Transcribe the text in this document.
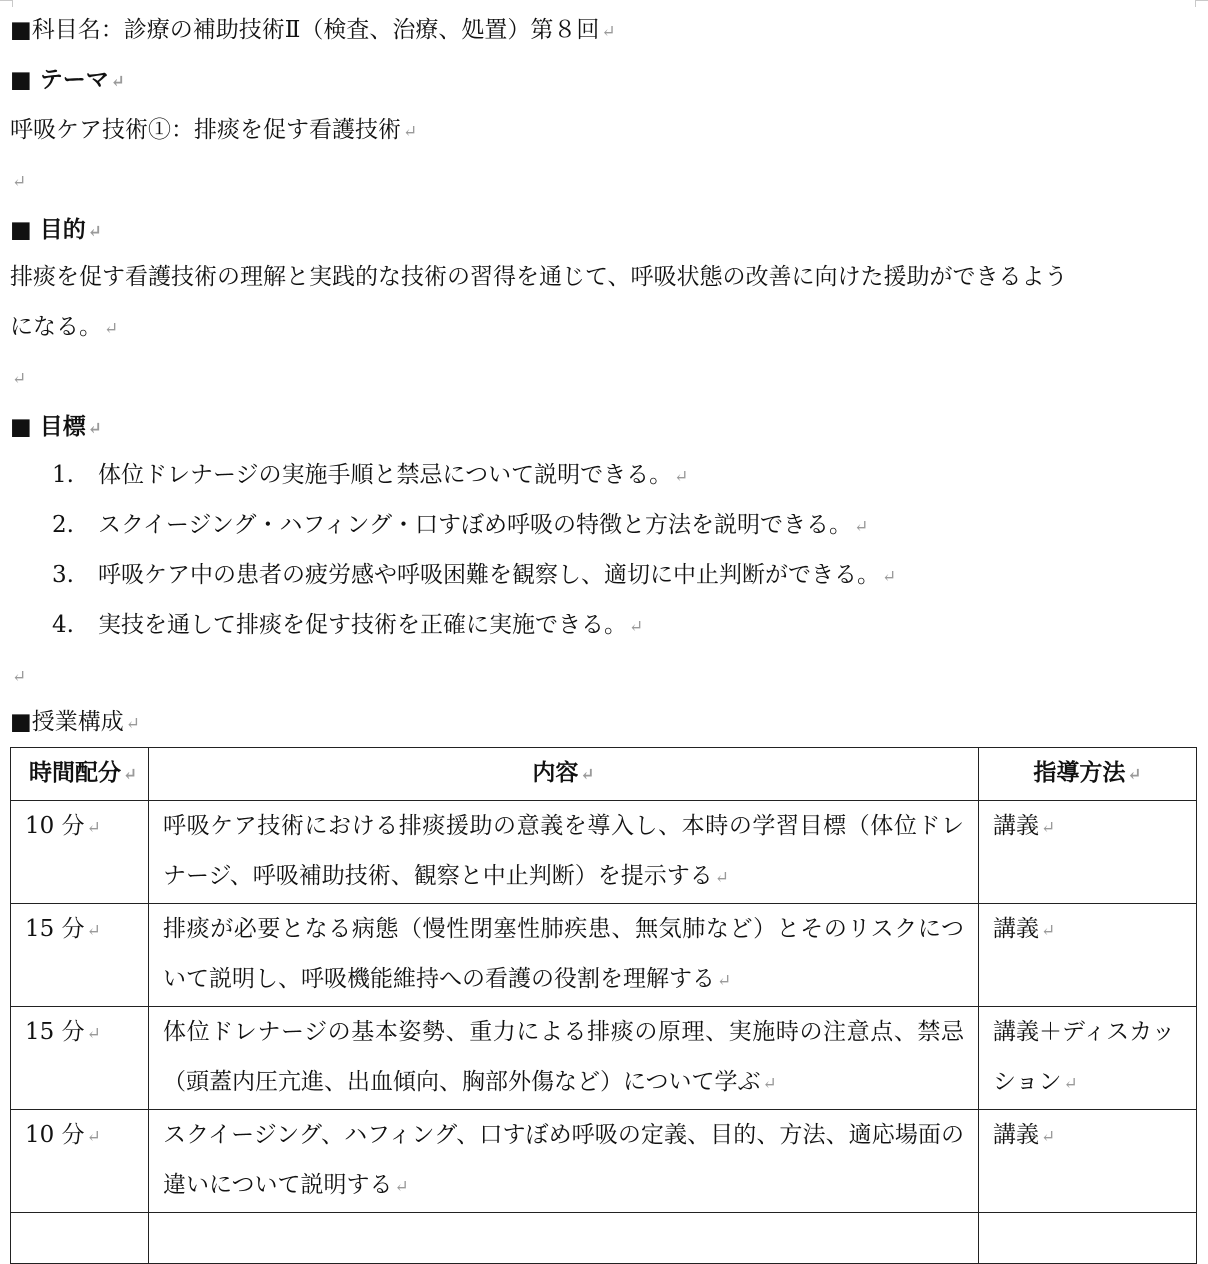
■科目名：診療の補助技術Ⅱ（検査、治療、処置）第８回 ↵
■ テーマ ↵
呼吸ケア技術①：排痰を促す看護技術 ↵
↵
■ 目的 ↵
排痰を促す看護技術の理解と実践的な技術の習得を通じて、呼吸状態の改善に向けた援助ができるよう
になる。 ↵
↵
■ 目標 ↵
1. 体位ドレナージの実施手順と禁忌について説明できる。 ↵
2. スクイージング・ハフィング・口すぼめ呼吸の特徴と方法を説明できる。 ↵
3. 呼吸ケア中の患者の疲労感や呼吸困難を観察し、適切に中止判断ができる。 ↵
4. 実技を通して排痰を促す技術を正確に実施できる。 ↵
↵
■授業構成 ↵
時間配分 ↵	内容 ↵	指導方法 ↵
10 分 ↵	呼吸ケア技術における排痰援助の意義を導入し、本時の学習目標（体位ドレナージ、呼吸補助技術、観察と中止判断）を提示する ↵	講義 ↵
15 分 ↵	排痰が必要となる病態（慢性閉塞性肺疾患、無気肺など）とそのリスクについて説明し、呼吸機能維持への看護の役割を理解する ↵	講義 ↵
15 分 ↵	体位ドレナージの基本姿勢、重力による排痰の原理、実施時の注意点、禁忌（頭蓋内圧亢進、出血傾向、胸部外傷など）について学ぶ ↵	講義＋ディスカッション ↵
10 分 ↵	スクイージング、ハフィング、口すぼめ呼吸の定義、目的、方法、適応場面の違いについて説明する ↵	講義 ↵
